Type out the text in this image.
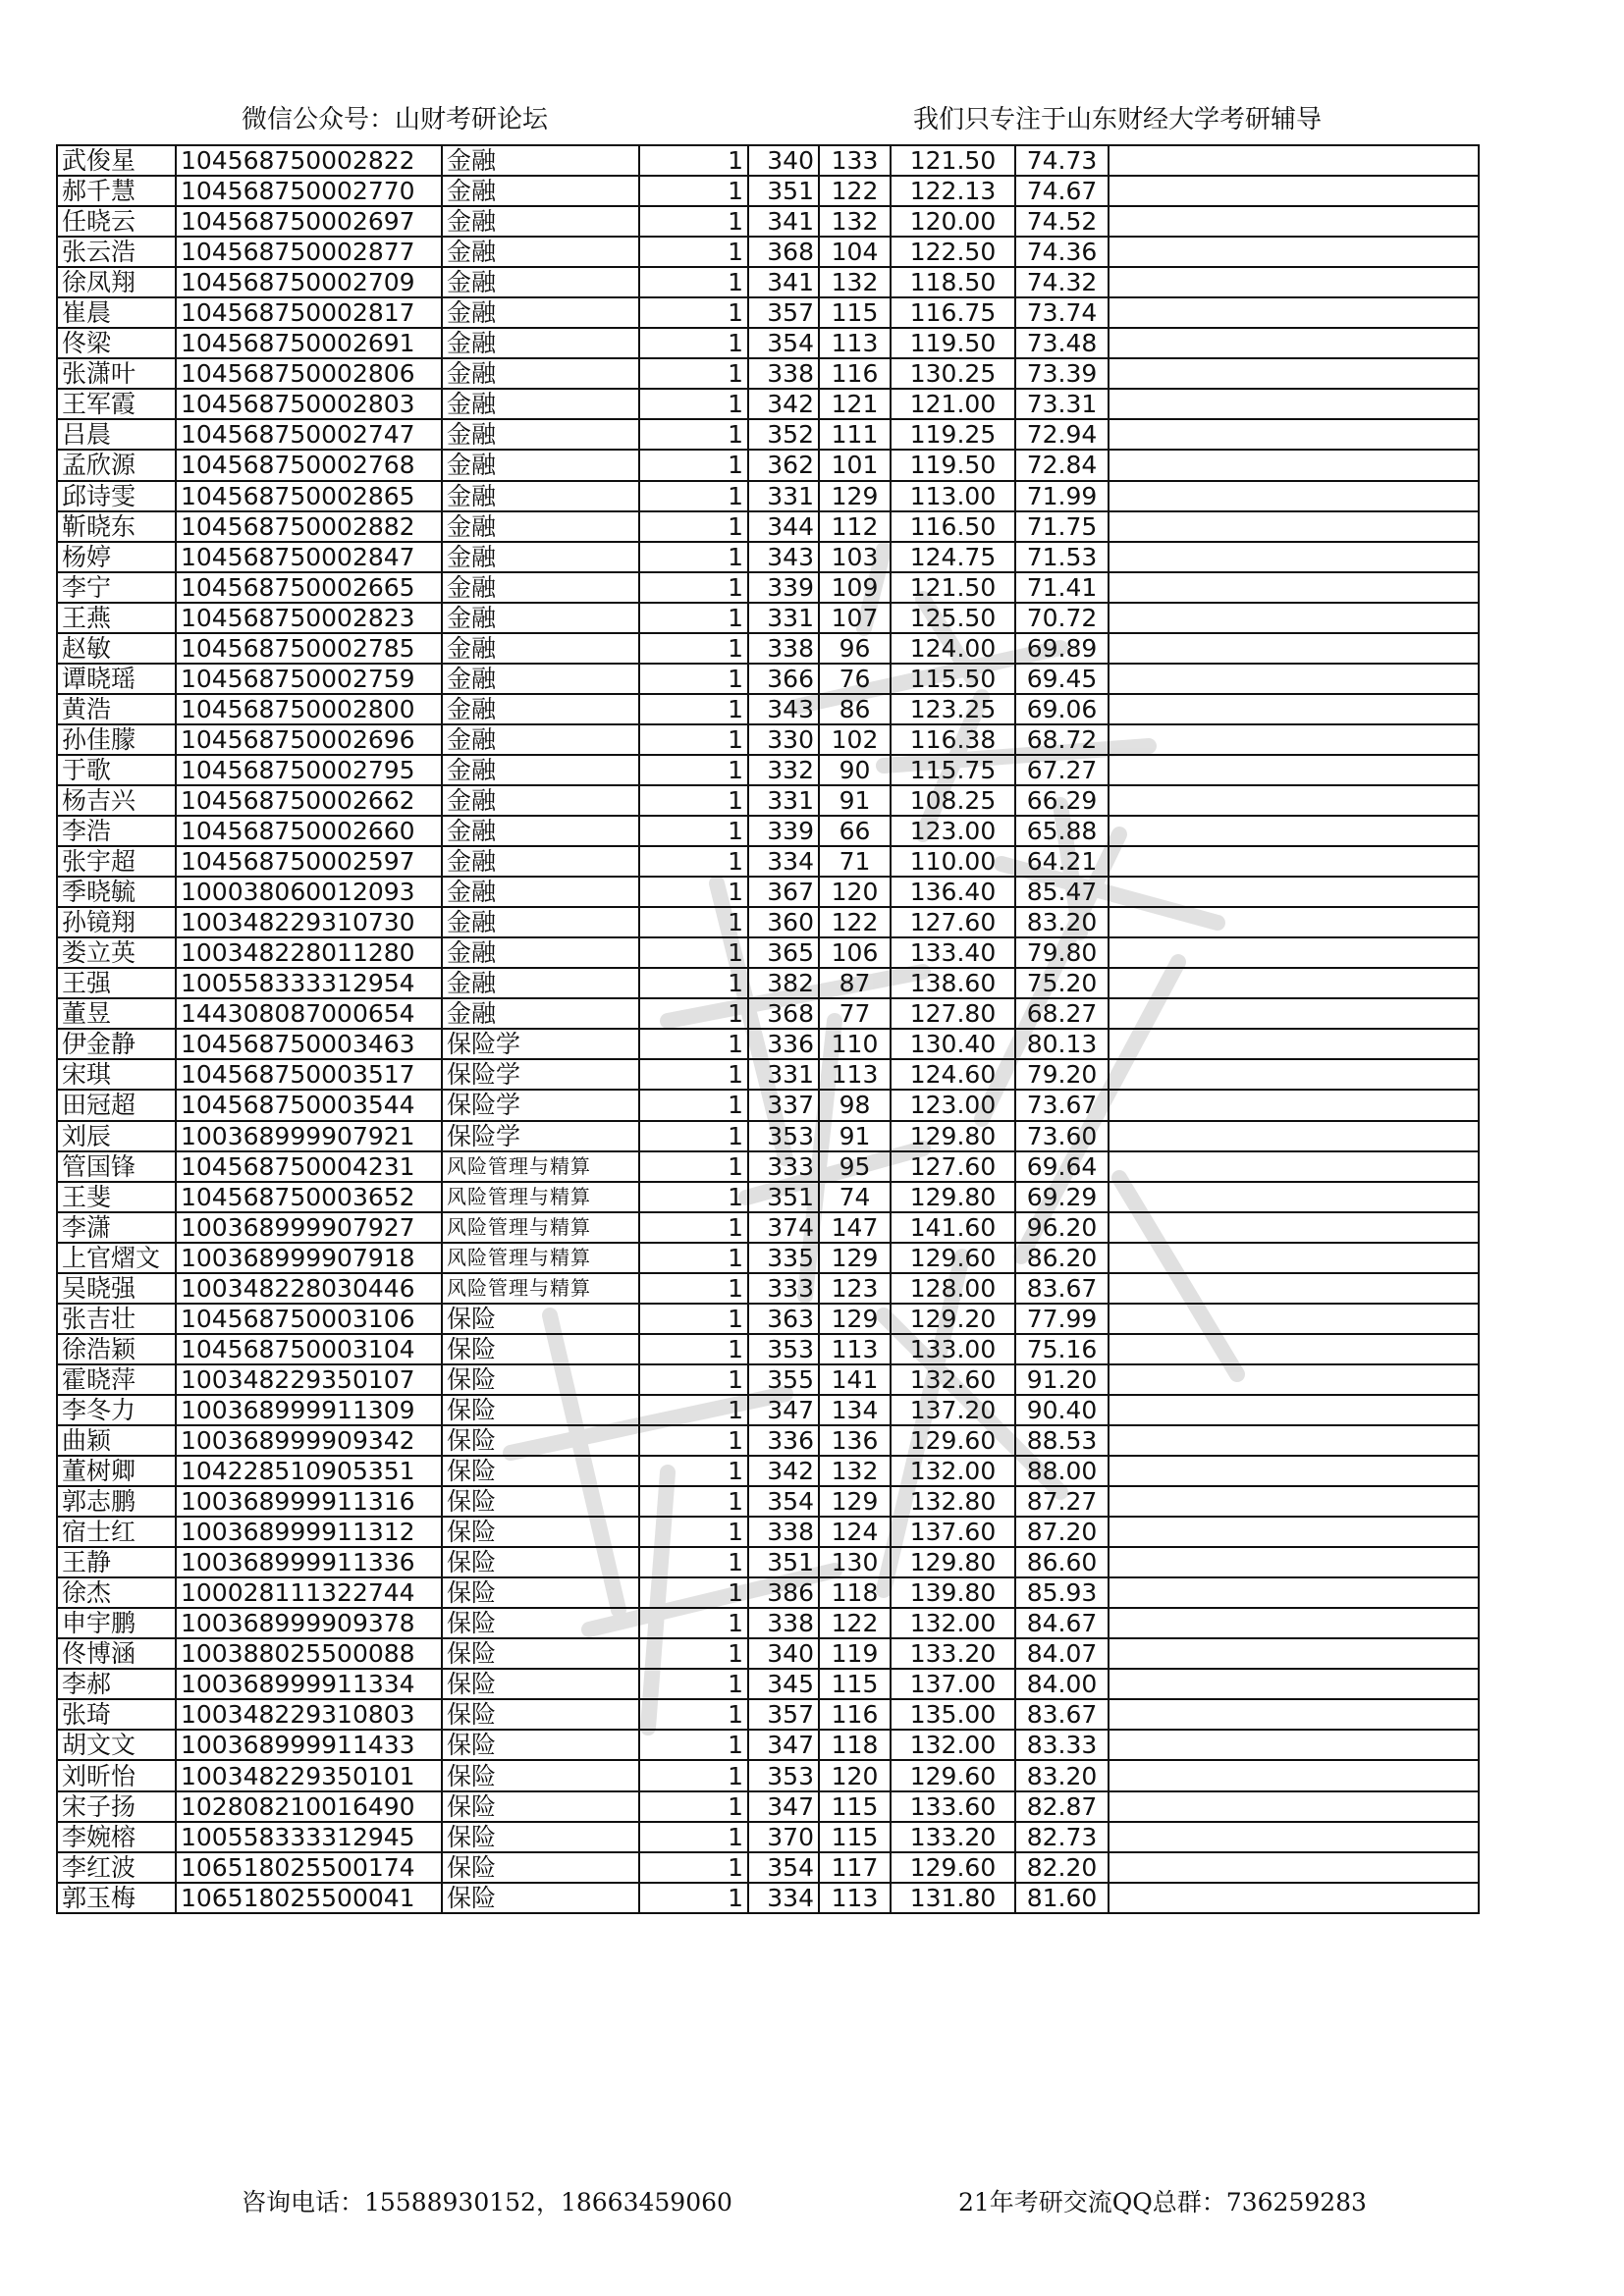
微信公众号：山财考研论坛	我们只专注于山东财经大学考研辅导
武俊星	104568750002822	金融	1	340	133	121.50	74.73	
郝千慧	104568750002770	金融	1	351	122	122.13	74.67	
任晓云	104568750002697	金融	1	341	132	120.00	74.52	
张云浩	104568750002877	金融	1	368	104	122.50	74.36	
徐凤翔	104568750002709	金融	1	341	132	118.50	74.32	
崔晨	104568750002817	金融	1	357	115	116.75	73.74	
佟梁	104568750002691	金融	1	354	113	119.50	73.48	
张潇叶	104568750002806	金融	1	338	116	130.25	73.39	
王军霞	104568750002803	金融	1	342	121	121.00	73.31	
吕晨	104568750002747	金融	1	352	111	119.25	72.94	
孟欣源	104568750002768	金融	1	362	101	119.50	72.84	
邱诗雯	104568750002865	金融	1	331	129	113.00	71.99	
靳晓东	104568750002882	金融	1	344	112	116.50	71.75	
杨婷	104568750002847	金融	1	343	103	124.75	71.53	
李宁	104568750002665	金融	1	339	109	121.50	71.41	
王燕	104568750002823	金融	1	331	107	125.50	70.72	
赵敏	104568750002785	金融	1	338	96	124.00	69.89	
谭晓瑶	104568750002759	金融	1	366	76	115.50	69.45	
黄浩	104568750002800	金融	1	343	86	123.25	69.06	
孙佳朦	104568750002696	金融	1	330	102	116.38	68.72	
于歌	104568750002795	金融	1	332	90	115.75	67.27	
杨吉兴	104568750002662	金融	1	331	91	108.25	66.29	
李浩	104568750002660	金融	1	339	66	123.00	65.88	
张宇超	104568750002597	金融	1	334	71	110.00	64.21	
季晓毓	100038060012093	金融	1	367	120	136.40	85.47	
孙镜翔	100348229310730	金融	1	360	122	127.60	83.20	
娄立英	100348228011280	金融	1	365	106	133.40	79.80	
王强	100558333312954	金融	1	382	87	138.60	75.20	
董昱	144308087000654	金融	1	368	77	127.80	68.27	
伊金静	104568750003463	保险学	1	336	110	130.40	80.13	
宋琪	104568750003517	保险学	1	331	113	124.60	79.20	
田冠超	104568750003544	保险学	1	337	98	123.00	73.67	
刘辰	100368999907921	保险学	1	353	91	129.80	73.60	
管国锋	104568750004231	风险管理与精算	1	333	95	127.60	69.64	
王斐	104568750003652	风险管理与精算	1	351	74	129.80	69.29	
李潇	100368999907927	风险管理与精算	1	374	147	141.60	96.20	
上官熠文	100368999907918	风险管理与精算	1	335	129	129.60	86.20	
吴晓强	100348228030446	风险管理与精算	1	333	123	128.00	83.67	
张吉壮	104568750003106	保险	1	363	129	129.20	77.99	
徐浩颖	104568750003104	保险	1	353	113	133.00	75.16	
霍晓萍	100348229350107	保险	1	355	141	132.60	91.20	
李冬力	100368999911309	保险	1	347	134	137.20	90.40	
曲颖	100368999909342	保险	1	336	136	129.60	88.53	
董树卿	104228510905351	保险	1	342	132	132.00	88.00	
郭志鹏	100368999911316	保险	1	354	129	132.80	87.27	
宿士红	100368999911312	保险	1	338	124	137.60	87.20	
王静	100368999911336	保险	1	351	130	129.80	86.60	
徐杰	100028111322744	保险	1	386	118	139.80	85.93	
申宇鹏	100368999909378	保险	1	338	122	132.00	84.67	
佟博涵	100388025500088	保险	1	340	119	133.20	84.07	
李郝	100368999911334	保险	1	345	115	137.00	84.00	
张琦	100348229310803	保险	1	357	116	135.00	83.67	
胡文文	100368999911433	保险	1	347	118	132.00	83.33	
刘昕怡	100348229350101	保险	1	353	120	129.60	83.20	
宋子扬	102808210016490	保险	1	347	115	133.60	82.87	
李婉榕	100558333312945	保险	1	370	115	133.20	82.73	
李红波	106518025500174	保险	1	354	117	129.60	82.20	
郭玉梅	106518025500041	保险	1	334	113	131.80	81.60	
咨询电话：15588930152，18663459060	21年考研交流QQ总群：736259283
